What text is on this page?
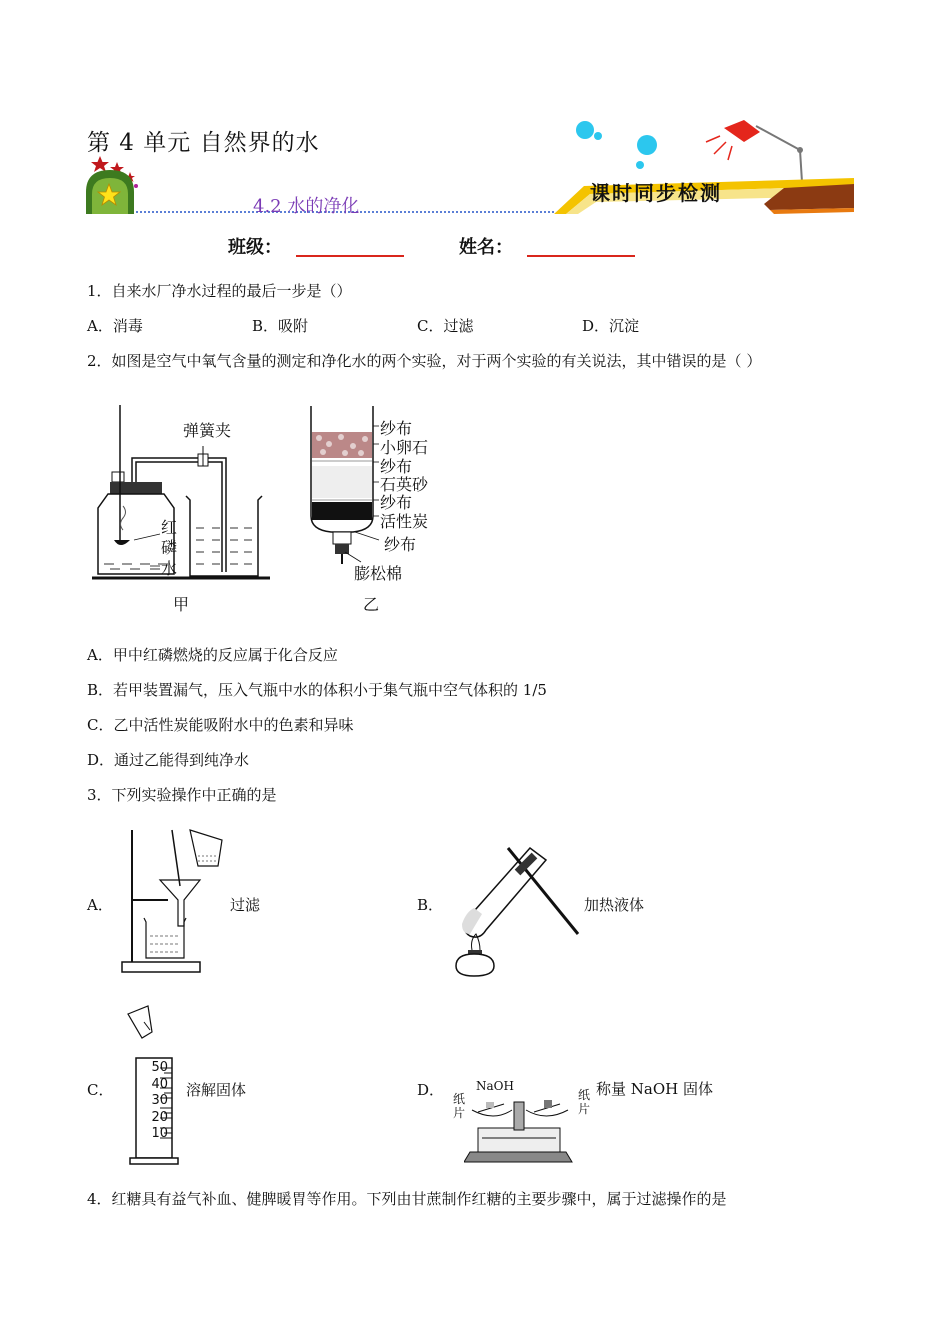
第 4 单元 自然界的水
课时同步检测
4.2 水的净化
班级：	姓名：
1．自来水厂净水过程的最后一步是（）
A．消毒	B．吸附	C．过滤	D．沉淀
2．如图是空气中氧气含量的测定和净化水的两个实验，对于两个实验的有关说法，其中错误的是（ ）
弹簧夹
红
磷
水
甲
纱布
小卵石
纱布
石英砂
纱布
活性炭
纱布
膨松棉
乙
A．甲中红磷燃烧的反应属于化合反应
B．若甲装置漏气，压入气瓶中水的体积小于集气瓶中空气体积的 1/5
C．乙中活性炭能吸附水中的色素和异味
D．通过乙能得到纯净水
3．下列实验操作中正确的是
A．	过滤	B．	加热液体
C．
50
40
30
20
10
溶解固体	D．	NaOH
纸
片
纸
片
称量 NaOH 固体
4．红糖具有益气补血、健脾暖胃等作用。下列由甘蔗制作红糖的主要步骤中，属于过滤操作的是
